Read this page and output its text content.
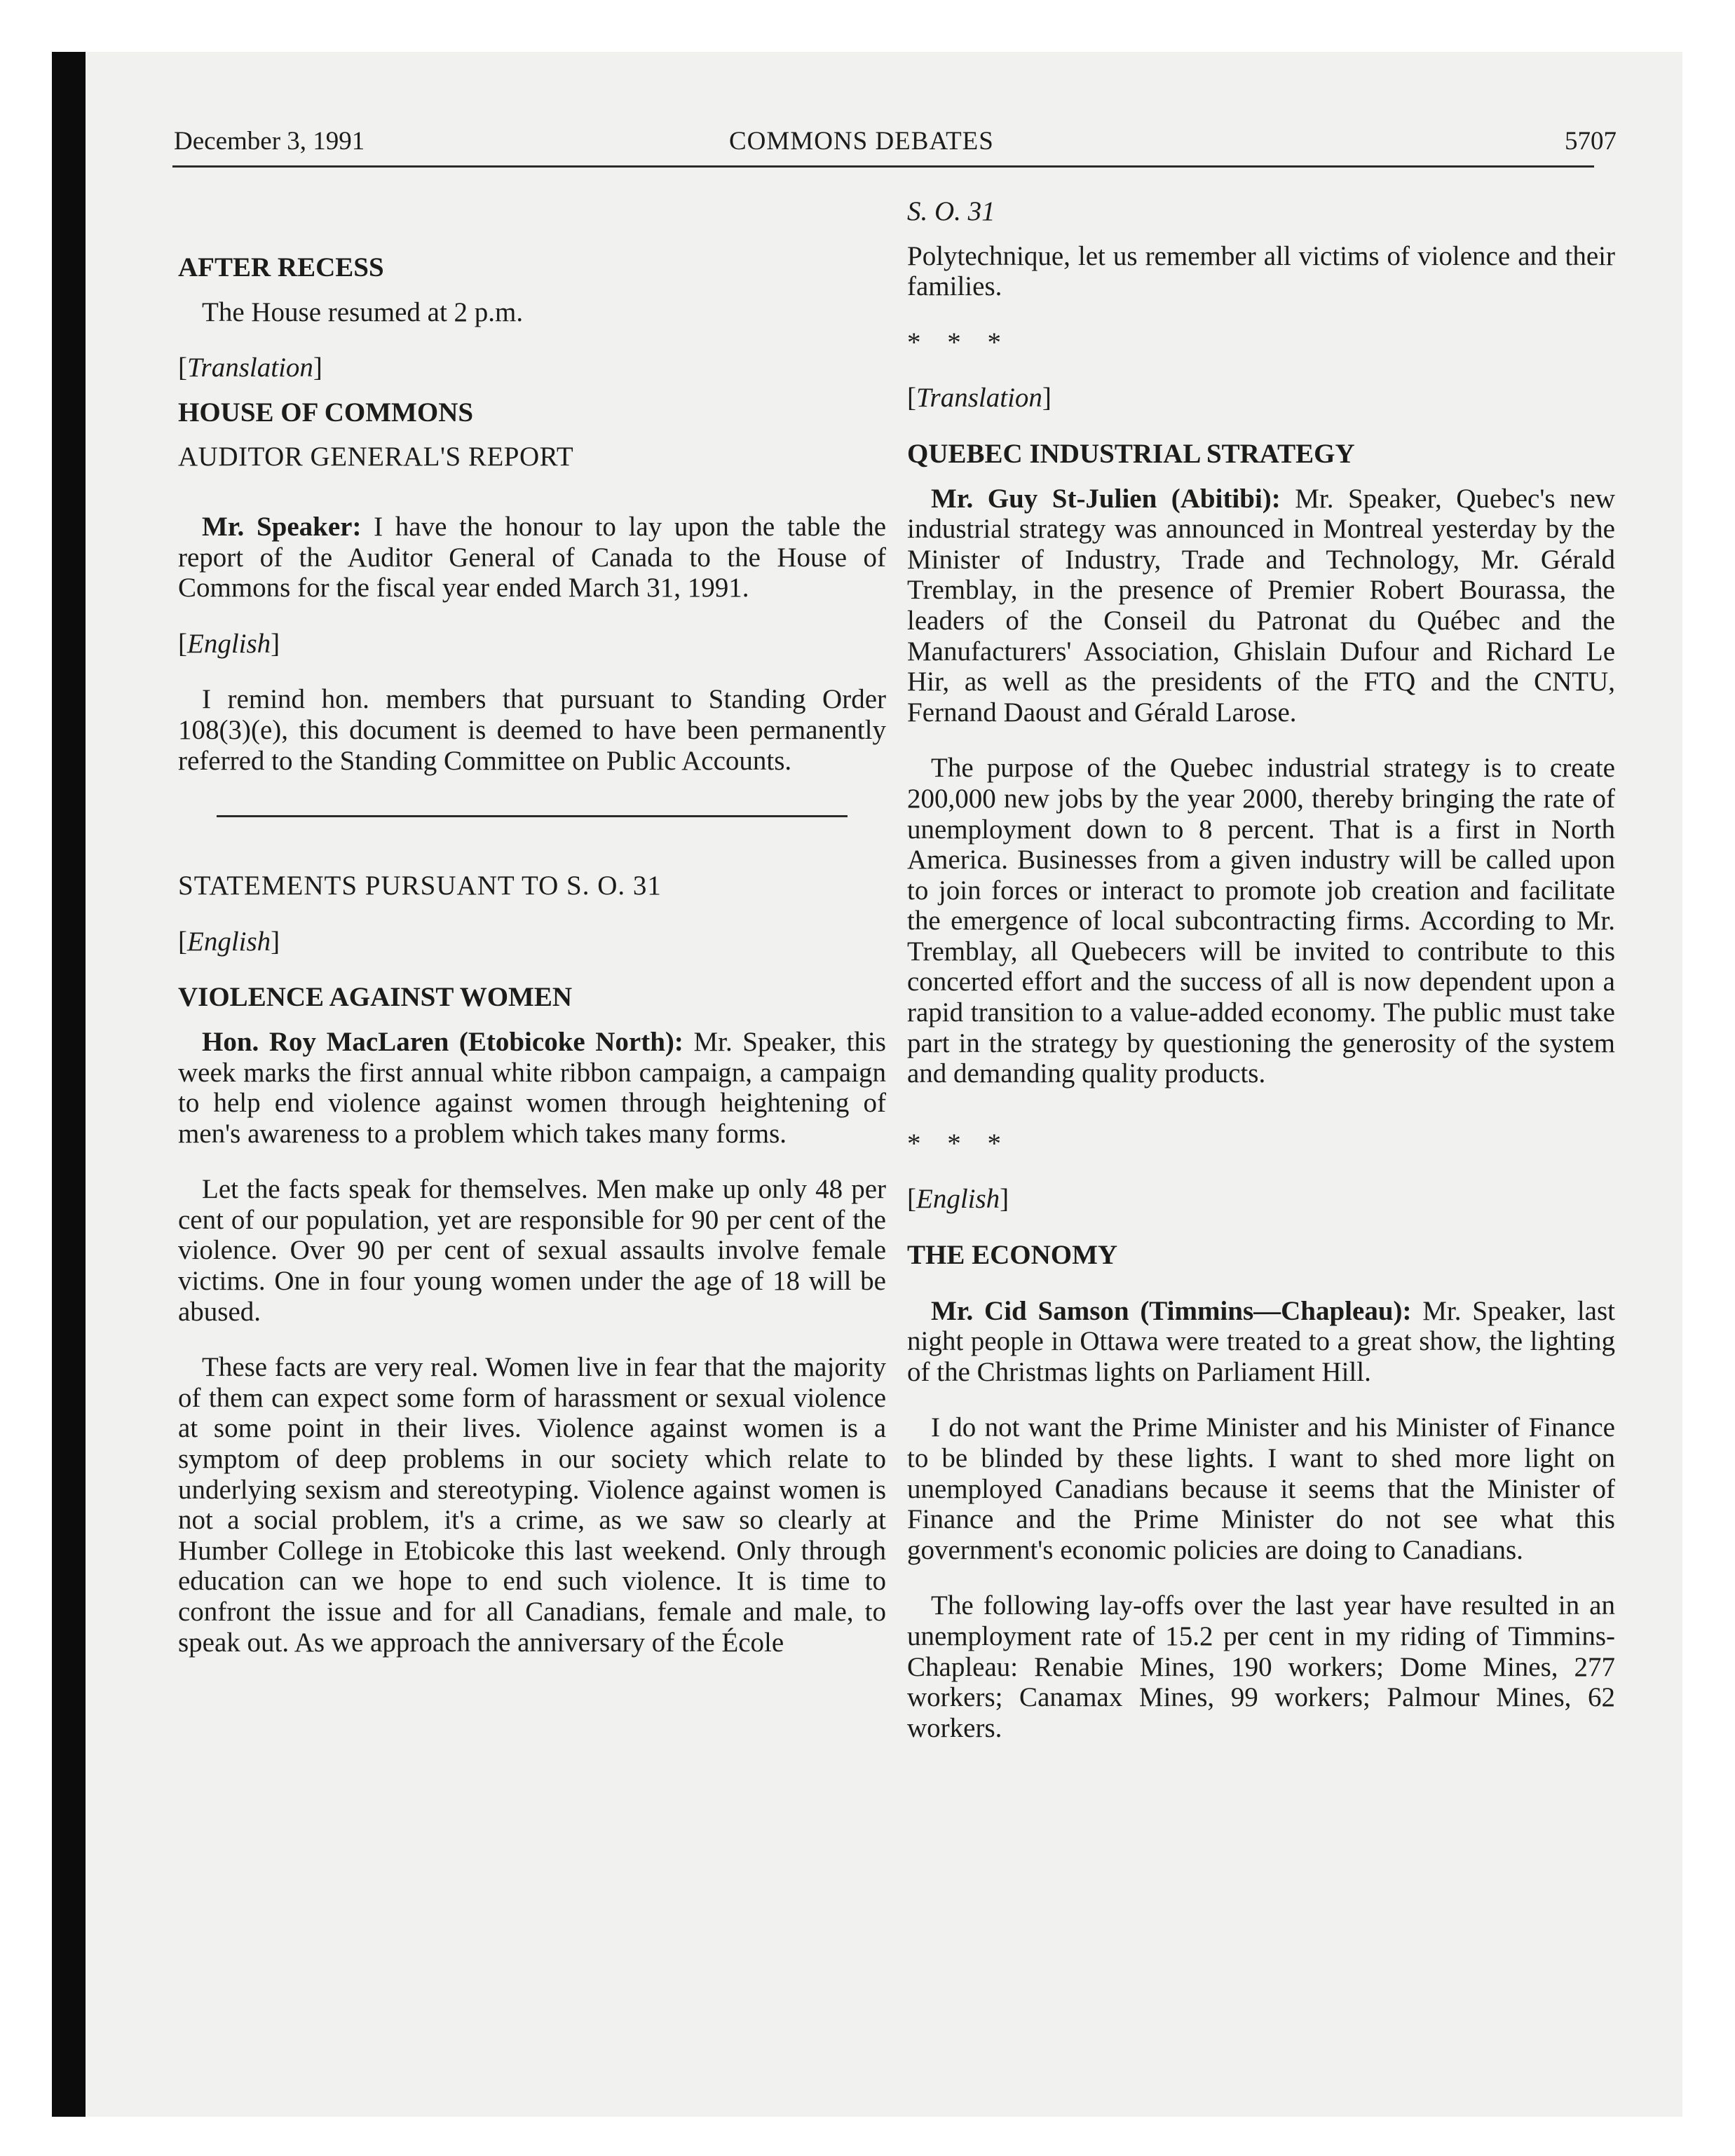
December 3, 1991	COMMONS DEBATES	5707

AFTER RECESS

The House resumed at 2 p.m.

[Translation]

HOUSE OF COMMONS

AUDITOR GENERAL'S REPORT

Mr. Speaker: I have the honour to lay upon the table the report of the Auditor General of Canada to the House of Commons for the fiscal year ended March 31, 1991.

[English]

I remind hon. members that pursuant to Standing Order 108(3)(e), this document is deemed to have been permanently referred to the Standing Committee on Public Accounts.

STATEMENTS PURSUANT TO S. O. 31

[English]

VIOLENCE AGAINST WOMEN

Hon. Roy MacLaren (Etobicoke North): Mr. Speaker, this week marks the first annual white ribbon campaign, a campaign to help end violence against women through heightening of men's awareness to a problem which takes many forms.

Let the facts speak for themselves. Men make up only 48 per cent of our population, yet are responsible for 90 per cent of the violence. Over 90 per cent of sexual assaults involve female victims. One in four young women under the age of 18 will be abused.

These facts are very real. Women live in fear that the majority of them can expect some form of harassment or sexual violence at some point in their lives. Violence against women is a symptom of deep problems in our society which relate to underlying sexism and stereotyping. Violence against women is not a social problem, it's a crime, as we saw so clearly at Humber College in Etobicoke this last weekend. Only through education can we hope to end such violence. It is time to confront the issue and for all Canadians, female and male, to speak out. As we approach the anniversary of the École

S. O. 31

Polytechnique, let us remember all victims of violence and their families.

* * *

[Translation]

QUEBEC INDUSTRIAL STRATEGY

Mr. Guy St-Julien (Abitibi): Mr. Speaker, Quebec's new industrial strategy was announced in Montreal yesterday by the Minister of Industry, Trade and Technology, Mr. Gérald Tremblay, in the presence of Premier Robert Bourassa, the leaders of the Conseil du Patronat du Québec and the Manufacturers' Association, Ghislain Dufour and Richard Le Hir, as well as the presidents of the FTQ and the CNTU, Fernand Daoust and Gérald Larose.

The purpose of the Quebec industrial strategy is to create 200,000 new jobs by the year 2000, thereby bringing the rate of unemployment down to 8 percent. That is a first in North America. Businesses from a given industry will be called upon to join forces or interact to promote job creation and facilitate the emergence of local subcontracting firms. According to Mr. Tremblay, all Quebecers will be invited to contribute to this concerted effort and the success of all is now dependent upon a rapid transition to a value-added economy. The public must take part in the strategy by questioning the generosity of the system and demanding quality products.

* * *

[English]

THE ECONOMY

Mr. Cid Samson (Timmins—Chapleau): Mr. Speaker, last night people in Ottawa were treated to a great show, the lighting of the Christmas lights on Parliament Hill.

I do not want the Prime Minister and his Minister of Finance to be blinded by these lights. I want to shed more light on unemployed Canadians because it seems that the Minister of Finance and the Prime Minister do not see what this government's economic policies are doing to Canadians.

The following lay-offs over the last year have resulted in an unemployment rate of 15.2 per cent in my riding of Timmins-Chapleau: Renabie Mines, 190 workers; Dome Mines, 277 workers; Canamax Mines, 99 workers; Palmour Mines, 62 workers.
